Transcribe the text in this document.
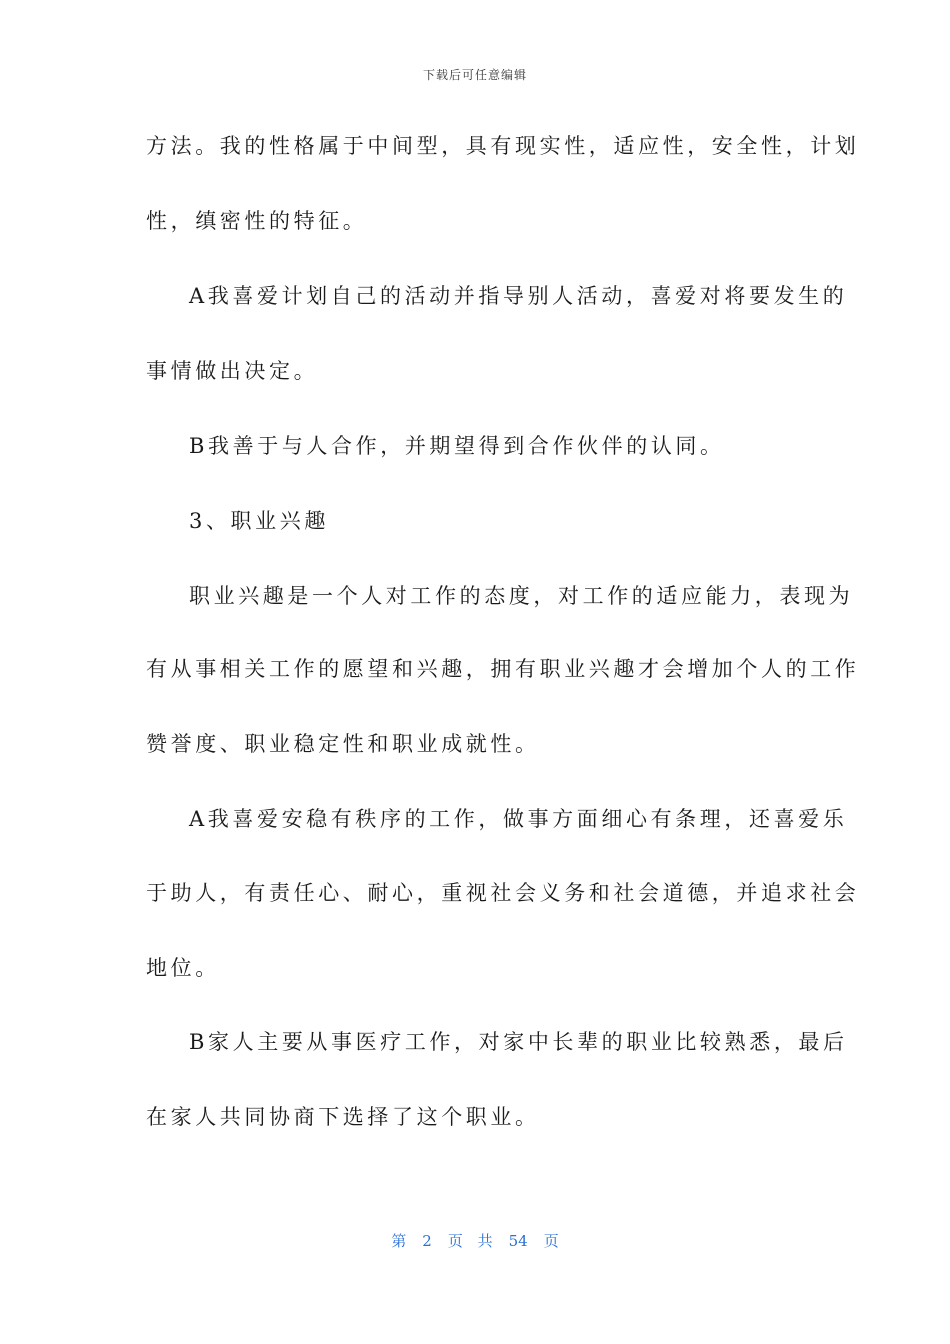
下载后可任意编辑
方法。我的性格属于中间型，具有现实性，适应性，安全性，计划
性，缜密性的特征。
A我喜爱计划自己的活动并指导别人活动，喜爱对将要发生的
事情做出决定。
B我善于与人合作，并期望得到合作伙伴的认同。
3、职业兴趣
职业兴趣是一个人对工作的态度，对工作的适应能力，表现为
有从事相关工作的愿望和兴趣，拥有职业兴趣才会增加个人的工作
赞誉度、职业稳定性和职业成就性。
A我喜爱安稳有秩序的工作，做事方面细心有条理，还喜爱乐
于助人，有责任心、耐心，重视社会义务和社会道德，并追求社会
地位。
B家人主要从事医疗工作，对家中长辈的职业比较熟悉，最后
在家人共同协商下选择了这个职业。
第 2 页 共 54 页
